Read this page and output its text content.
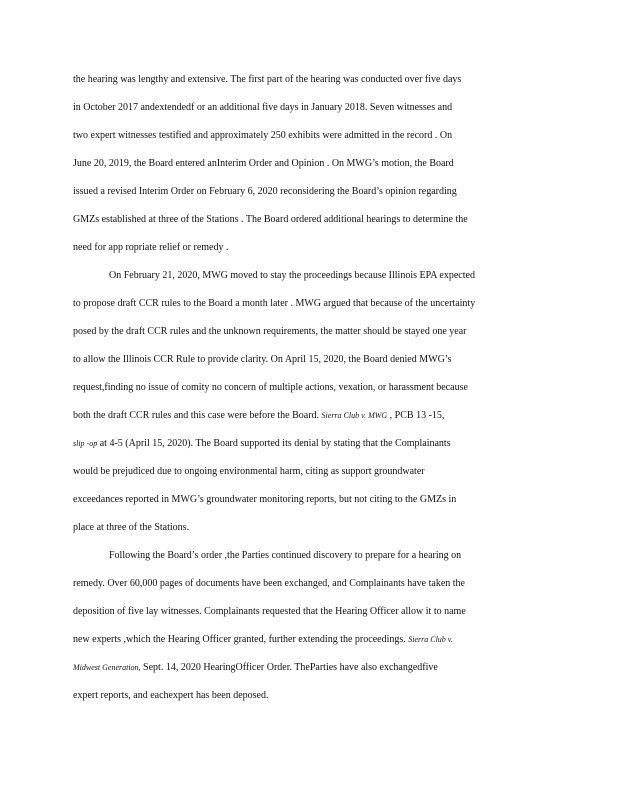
the hearing was lengthy and extensive. The first part of the hearing was conducted over five days
in October 2017 andextendedf or an additional five days in January 2018. Seven witnesses and
two expert witnesses testified and approximately 250 exhibits were admitted in the record . On
June 20, 2019, the Board entered anInterim Order and Opinion . On MWG’s motion, the Board
issued a revised Interim Order on February 6, 2020 reconsidering the Board’s opinion regarding
GMZs established at three of the Stations . The Board ordered additional hearings to determine the
need for app ropriate relief or remedy .
On February 21, 2020, MWG moved to stay the proceedings because Illinois EPA expected
to propose draft CCR rules to the Board a month later . MWG argued that because of the uncertainty
posed by the draft CCR rules and the unknown requirements, the matter should be stayed one year
to allow the Illinois CCR Rule to provide clarity. On April 15, 2020, the Board denied MWG’s
request,finding no issue of comity no concern of multiple actions, vexation, or harassment because
both the draft CCR rules and this case were before the Board. Sierra Club v. MWG , PCB 13 -15,
slip -op at 4-5 (April 15, 2020). The Board supported its denial by stating that the Complainants
would be prejudiced due to ongoing environmental harm, citing as support groundwater
exceedances reported in MWG’s groundwater monitoring reports, but not citing to the GMZs in
place at three of the Stations.
Following the Board’s order ,the Parties continued discovery to prepare for a hearing on
remedy. Over 60,000 pages of documents have been exchanged, and Complainants have taken the
deposition of five lay witnesses. Complainants requested that the Hearing Officer allow it to name
new experts ,which the Hearing Officer granted, further extending the proceedings. Sierra Club v.
Midwest Generation, Sept. 14, 2020 HearingOfficer Order. TheParties have also exchangedfive
expert reports, and eachexpert has been deposed.
